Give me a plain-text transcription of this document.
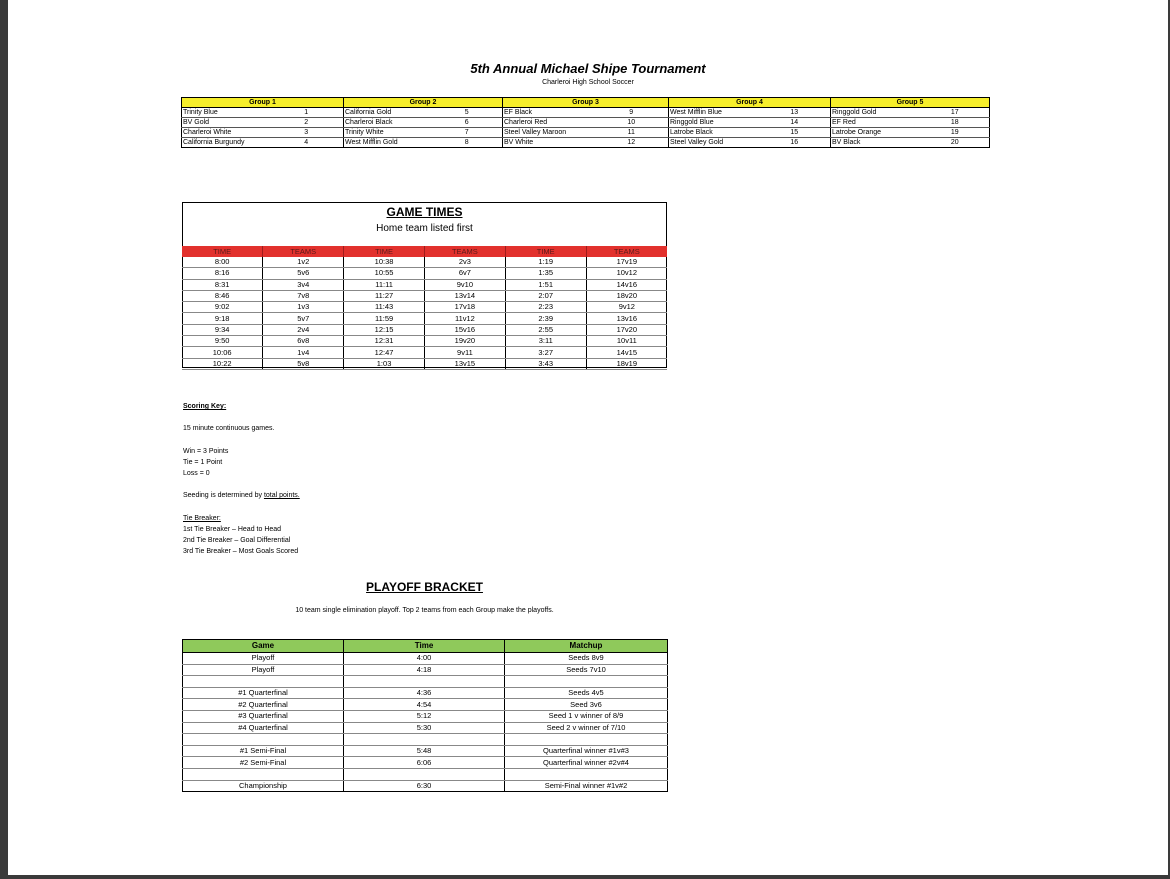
5th Annual Michael Shipe Tournament
Charleroi High School Soccer
Group 1		Group 2		Group 3		Group 4		Group 5	
Trinity Blue	1	California Gold	5	EF Black	9	West Mifflin Blue	13	Ringgold Gold	17
BV Gold	2	Charleroi Black	6	Charleroi Red	10	Ringgold Blue	14	EF Red	18
Charleroi White	3	Trinity White	7	Steel Valley Maroon	11	Latrobe Black	15	Latrobe Orange	19
California Burgundy	4	West Mifflin Gold	8	BV White	12	Steel Valley Gold	16	BV Black	20
GAME TIMES
Home team listed first
TIME	TEAMS	TIME	TEAMS	TIME	TEAMS
8:00	1v2	10:38	2v3	1:19	17v19
8:16	5v6	10:55	6v7	1:35	10v12
8:31	3v4	11:11	9v10	1:51	14v16
8:46	7v8	11:27	13v14	2:07	18v20
9:02	1v3	11:43	17v18	2:23	9v12
9:18	5v7	11:59	11v12	2:39	13v16
9:34	2v4	12:15	15v16	2:55	17v20
9:50	6v8	12:31	19v20	3:11	10v11
10:06	1v4	12:47	9v11	3:27	14v15
10:22	5v8	1:03	13v15	3:43	18v19
Scoring Key:
15 minute continuous games.
Win = 3 Points
Tie = 1 Point
Loss = 0
Seeding is determined by total points.
Tie Breaker:
1st Tie Breaker – Head to Head
2nd Tie Breaker – Goal Differential
3rd Tie Breaker – Most Goals Scored
PLAYOFF BRACKET
10 team single elimination playoff. Top 2 teams from each Group make the playoffs.
Game	Time	Matchup
Playoff	4:00	Seeds 8v9
Playoff	4:18	Seeds 7v10

#1 Quarterfinal	4:36	Seeds 4v5
#2 Quarterfinal	4:54	Seed 3v6
#3 Quarterfinal	5:12	Seed 1 v winner of 8/9
#4 Quarterfinal	5:30	Seed 2 v winner of 7/10

#1 Semi-Final	5:48	Quarterfinal winner #1v#3
#2 Semi-Final	6:06	Quarterfinal winner #2v#4

Championship	6:30	Semi-Final winner #1v#2
